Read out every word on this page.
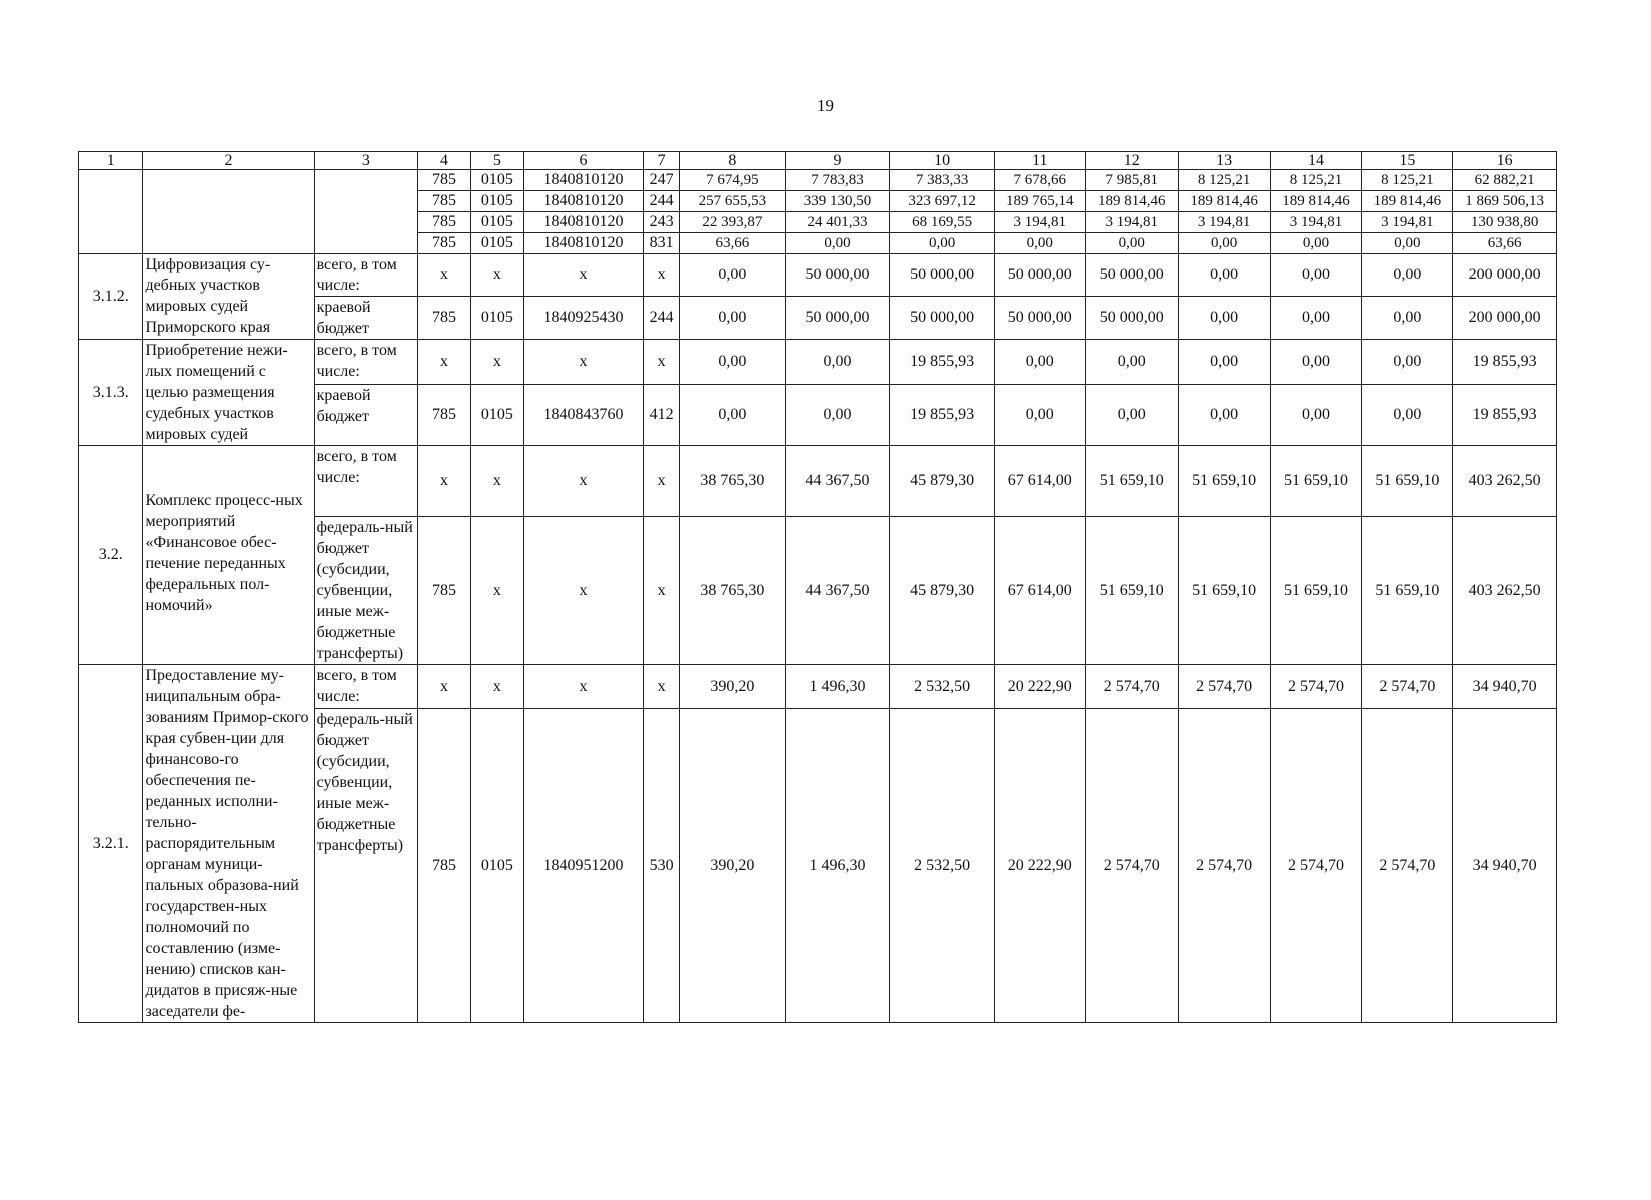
19
1	2	3	4	5	6	7	8	9	10	11	12	13	14	15	16
			785	0105	1840810120	247	7 674,95	7 783,83	7 383,33	7 678,66	7 985,81	8 125,21	8 125,21	8 125,21	62 882,21
			785	0105	1840810120	244	257 655,53	339 130,50	323 697,12	189 765,14	189 814,46	189 814,46	189 814,46	189 814,46	1 869 506,13
			785	0105	1840810120	243	22 393,87	24 401,33	68 169,55	3 194,81	3 194,81	3 194,81	3 194,81	3 194,81	130 938,80
			785	0105	1840810120	831	63,66	0,00	0,00	0,00	0,00	0,00	0,00	0,00	63,66
3.1.2.	Цифровизация су-дебных участков мировых судей Приморского края	всего, в том числе:	x	x	x	x	0,00	50 000,00	50 000,00	50 000,00	50 000,00	0,00	0,00	0,00	200 000,00
		краевой бюджет	785	0105	1840925430	244	0,00	50 000,00	50 000,00	50 000,00	50 000,00	0,00	0,00	0,00	200 000,00
3.1.3.	Приобретение нежи-лых помещений с целью размещения судебных участков мировых судей	всего, в том числе:	x	x	x	x	0,00	0,00	19 855,93	0,00	0,00	0,00	0,00	0,00	19 855,93
		краевой бюджет	785	0105	1840843760	412	0,00	0,00	19 855,93	0,00	0,00	0,00	0,00	0,00	19 855,93
3.2.	Комплекс процесс-ных мероприятий «Финансовое обес-печение переданных федеральных пол-номочий»	всего, в том числе:	x	x	x	x	38 765,30	44 367,50	45 879,30	67 614,00	51 659,10	51 659,10	51 659,10	51 659,10	403 262,50
		федераль-ный бюджет (субсидии, субвенции, иные меж-бюджетные трансферты)	785	x	x	x	38 765,30	44 367,50	45 879,30	67 614,00	51 659,10	51 659,10	51 659,10	51 659,10	403 262,50
3.2.1.	Предоставление му-ниципальным обра-зованиям Примор-ского края субвен-ции для финансово-го обеспечения пе-реданных исполни-тельно-распорядительным органам муници-пальных образова-ний государствен-ных полномочий по составлению (изме-нению) списков кан-дидатов в присяж-ные заседатели фе-	всего, в том числе:	x	x	x	x	390,20	1 496,30	2 532,50	20 222,90	2 574,70	2 574,70	2 574,70	2 574,70	34 940,70
		федераль-ный бюджет (субсидии, субвенции, иные меж-бюджетные трансферты)	785	0105	1840951200	530	390,20	1 496,30	2 532,50	20 222,90	2 574,70	2 574,70	2 574,70	2 574,70	34 940,70
